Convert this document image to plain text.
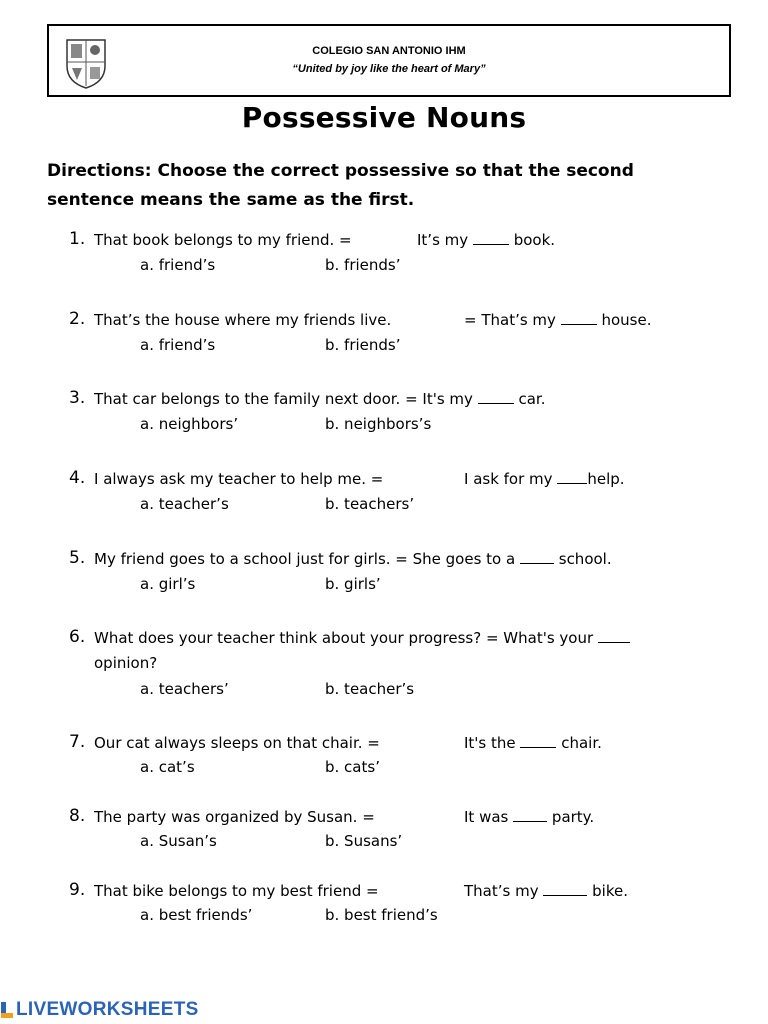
COLEGIO SAN ANTONIO IHM
“United by joy like the heart of Mary”
Possessive Nouns
Directions: Choose the correct possessive so that the second sentence means the same as the first.
1. That book belongs to my friend. =	It’s my	book.
a. friend’s	b. friends’
2. That’s the house where my friends live.	= That’s my	house.
a. friend’s	b. friends’
3. That car belongs to the family next door. = It's my	car.
a. neighbors’	b. neighbors’s
4. I always ask my teacher to help me. =	I ask for my help.
a. teacher’s	b. teachers’
5. My friend goes to a school just for girls. = She goes to a	school.
a. girl’s	b. girls’
6. What does your teacher think about your progress? = What's your
opinion?
a. teachers’	b. teacher’s
7. Our cat always sleeps on that chair. =	It's the	chair.
a. cat’s	b. cats’
8. The party was organized by Susan. =	It was	party.
a. Susan’s	b. Susans’
9. That bike belongs to my best friend =	That’s my	bike.
a. best friends’	b. best friend’s
LIVEWORKSHEETS
